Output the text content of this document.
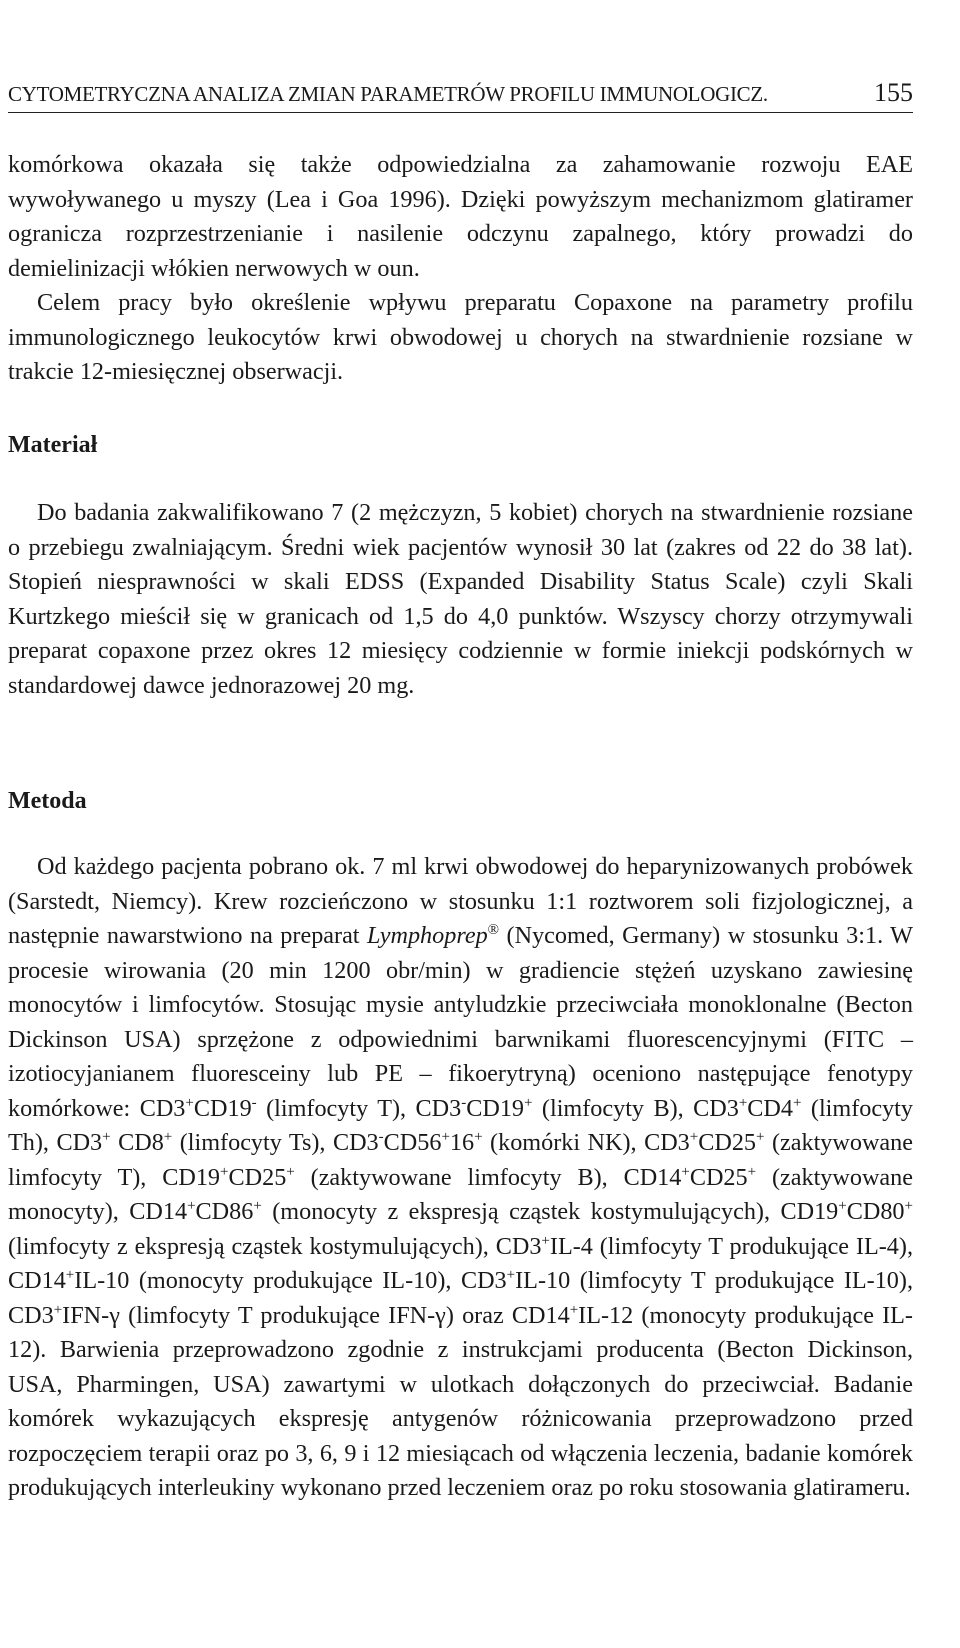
CYTOMETRYCZNA ANALIZA ZMIAN PARAMETRÓW PROFILU IMMUNOLOGICZ.	155

komórkowa okazała się także odpowiedzialna za zahamowanie rozwoju EAE wywoływanego u myszy (Lea i Goa 1996). Dzięki powyższym mechanizmom glatiramer ogranicza rozprzestrzenianie i nasilenie odczynu zapalnego, który prowadzi do demielinizacji włókien nerwowych w oun.

Celem pracy było określenie wpływu preparatu Copaxone na parametry profilu immunologicznego leukocytów krwi obwodowej u chorych na stwardnienie rozsiane w trakcie 12-miesięcznej obserwacji.

Materiał

Do badania zakwalifikowano 7 (2 mężczyzn, 5 kobiet) chorych na stwardnienie rozsiane o przebiegu zwalniającym. Średni wiek pacjentów wynosił 30 lat (zakres od 22 do 38 lat). Stopień niesprawności w skali EDSS (Expanded Disability Status Scale) czyli Skali Kurtzkego mieścił się w granicach od 1,5 do 4,0 punktów. Wszyscy chorzy otrzymywali preparat copaxone przez okres 12 miesięcy codziennie w formie iniekcji podskórnych w standardowej dawce jednorazowej 20 mg.

Metoda

Od każdego pacjenta pobrano ok. 7 ml krwi obwodowej do heparynizowanych probówek (Sarstedt, Niemcy). Krew rozcieńczono w stosunku 1:1 roztworem soli fizjologicznej, a następnie nawarstwiono na preparat Lymphoprep® (Nycomed, Germany) w stosunku 3:1. W procesie wirowania (20 min 1200 obr/min) w gradiencie stężeń uzyskano zawiesinę monocytów i limfocytów. Stosując mysie antyludzkie przeciwciała monoklonalne (Becton Dickinson USA) sprzężone z odpowiednimi barwnikami fluorescencyjnymi (FITC – izotiocyjanianem fluoresceiny lub PE – fikoerytryną) oceniono następujące fenotypy komórkowe: CD3+CD19- (limfocyty T), CD3-CD19+ (limfocyty B), CD3+CD4+ (limfocyty Th), CD3+ CD8+ (limfocyty Ts), CD3-CD56+16+ (komórki NK), CD3+CD25+ (zaktywowane limfocyty T), CD19+CD25+ (zaktywowane limfocyty B), CD14+CD25+ (zaktywowane monocyty), CD14+CD86+ (monocyty z ekspresją cząstek kostymulujących), CD19+CD80+ (limfocyty z ekspresją cząstek kostymulujących), CD3+IL-4 (limfocyty T produkujące IL-4), CD14+IL-10 (monocyty produkujące IL-10), CD3+IL-10 (limfocyty T produkujące IL-10), CD3+IFN-γ (limfocyty T produkujące IFN-γ) oraz CD14+IL-12 (monocyty produkujące IL-12). Barwienia przeprowadzono zgodnie z instrukcjami producenta (Becton Dickinson, USA, Pharmingen, USA) zawartymi w ulotkach dołączonych do przeciwciał. Badanie komórek wykazujących ekspresję antygenów różnicowania przeprowadzono przed rozpoczęciem terapii oraz po 3, 6, 9 i 12 miesiącach od włączenia leczenia, badanie komórek produkujących interleukiny wykonano przed leczeniem oraz po roku stosowania glatirameru.
